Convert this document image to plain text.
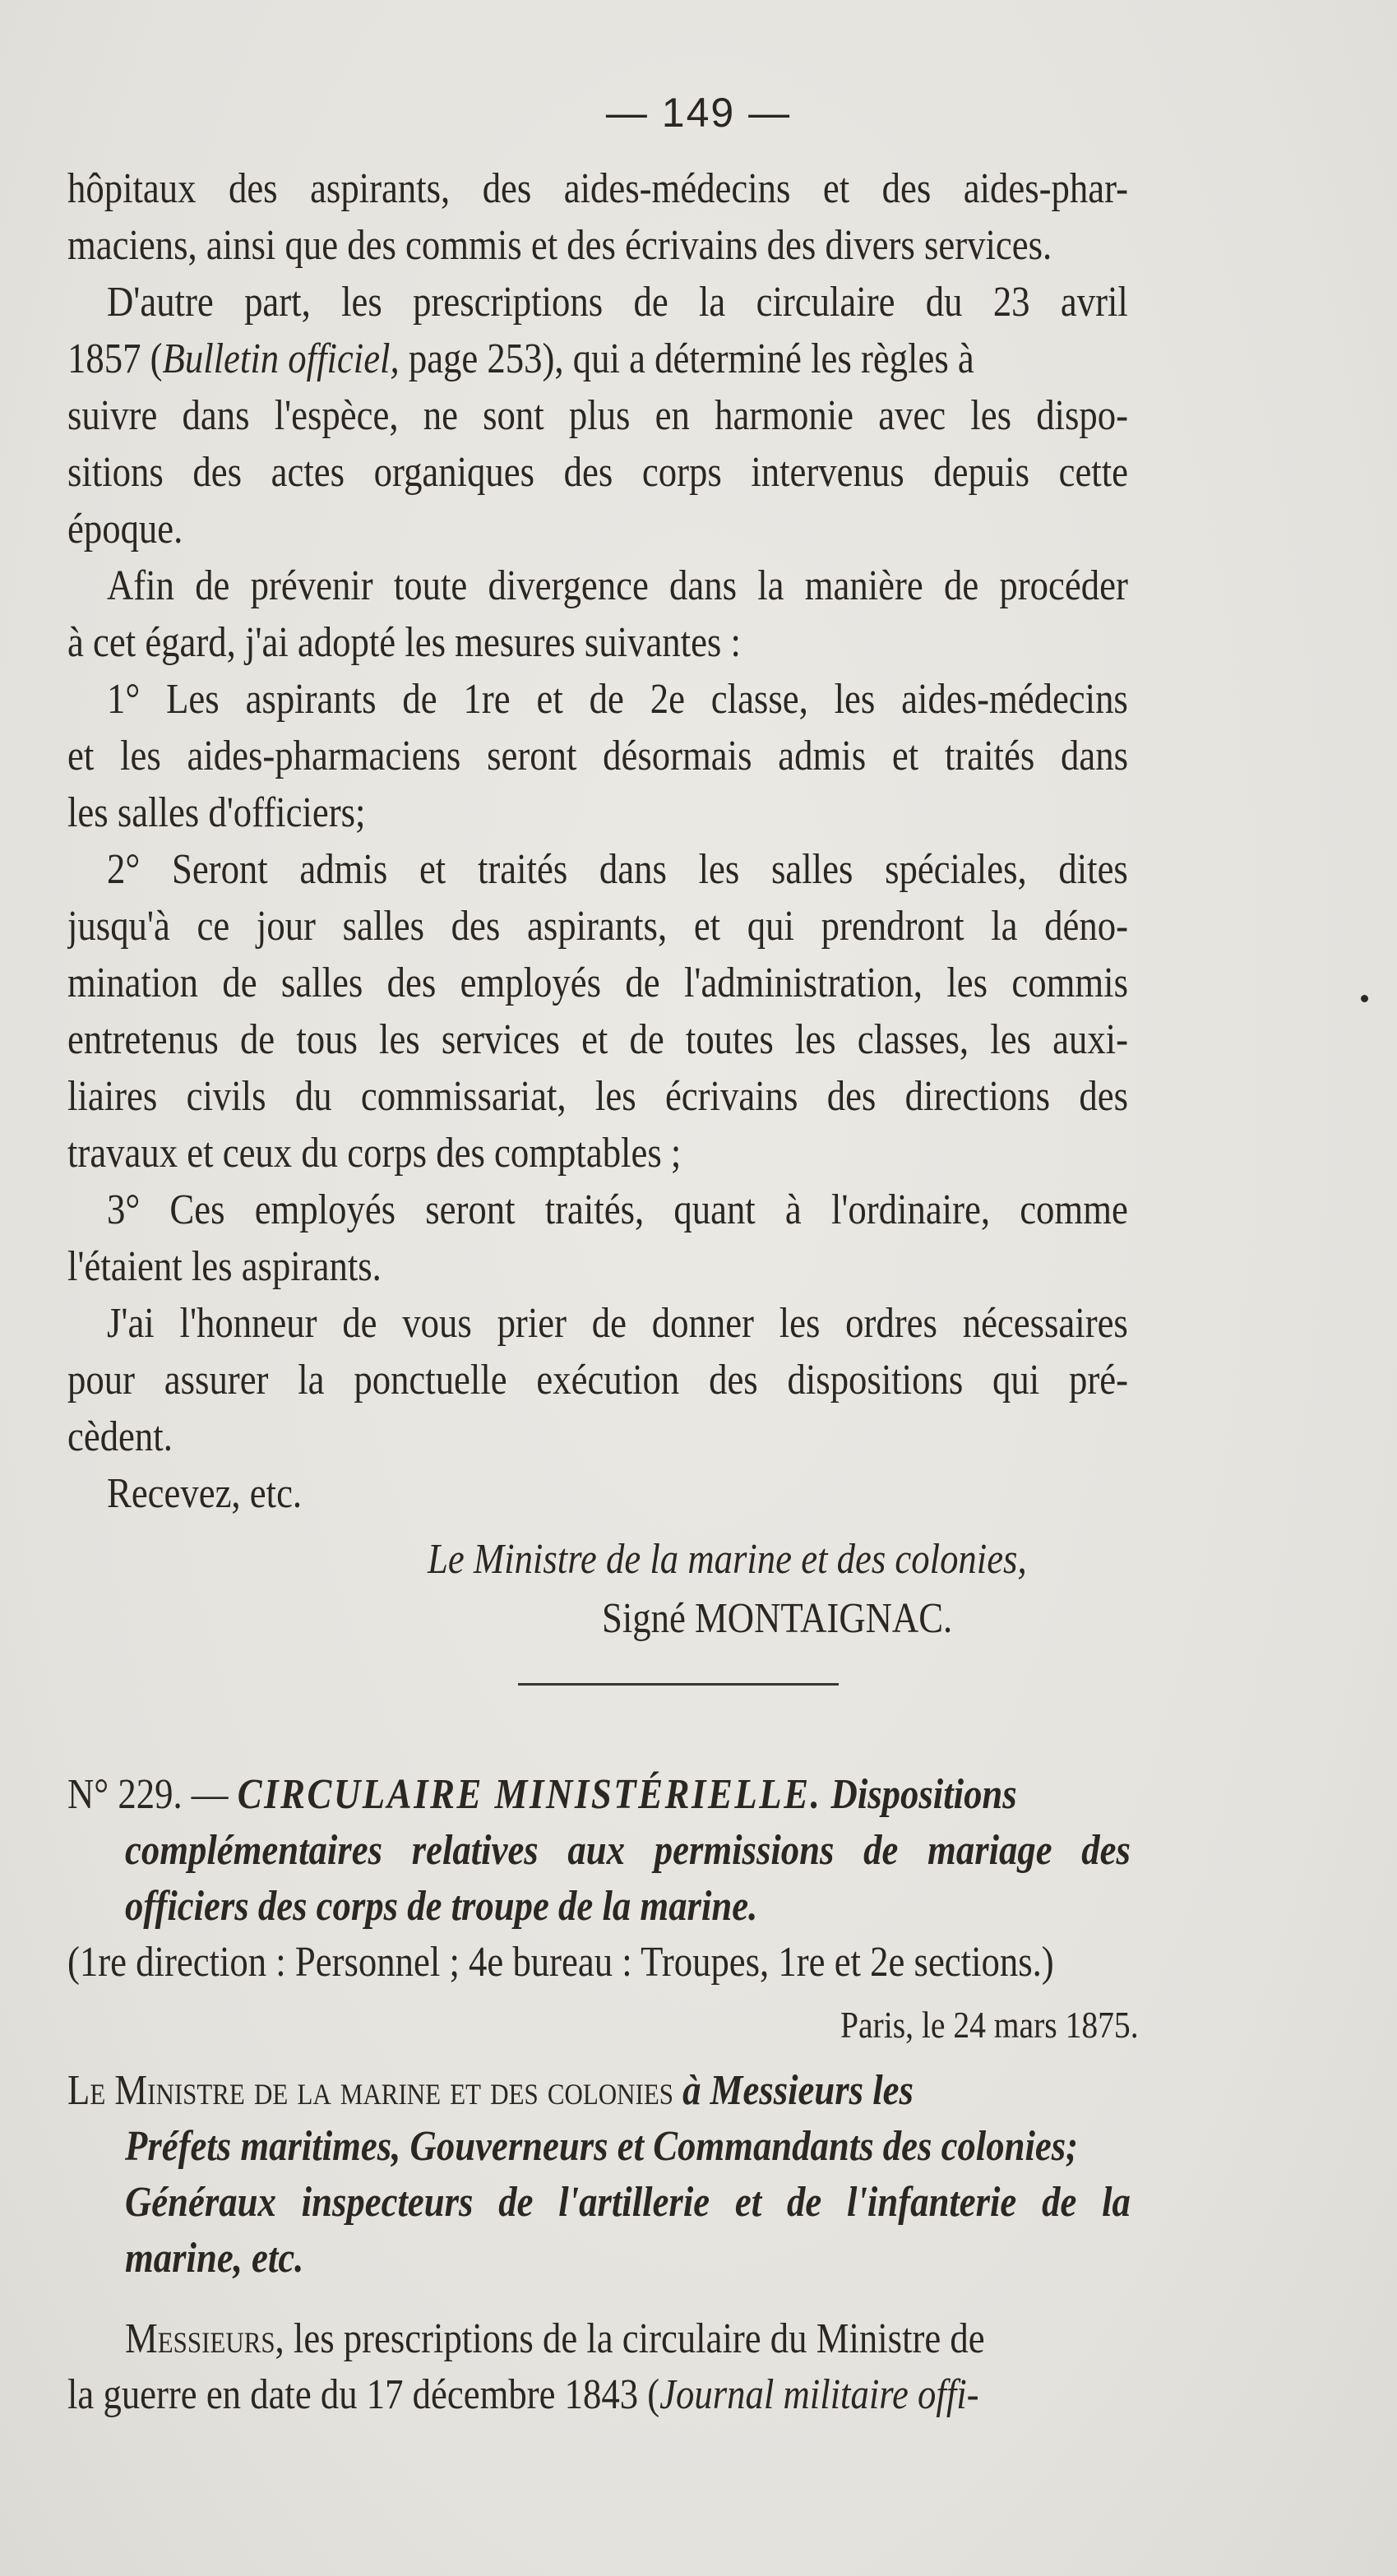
— 149 —
hôpitaux des aspirants, des aides-médecins et des aides-phar-
maciens, ainsi que des commis et des écrivains des divers services.
D'autre part, les prescriptions de la circulaire du 23 avril
1857 (Bulletin officiel, page 253), qui a déterminé les règles à
suivre dans l'espèce, ne sont plus en harmonie avec les dispo-
sitions des actes organiques des corps intervenus depuis cette
époque.
Afin de prévenir toute divergence dans la manière de procéder
à cet égard, j'ai adopté les mesures suivantes :
1° Les aspirants de 1re et de 2e classe, les aides-médecins
et les aides-pharmaciens seront désormais admis et traités dans
les salles d'officiers;
2° Seront admis et traités dans les salles spéciales, dites
jusqu'à ce jour salles des aspirants, et qui prendront la déno-
mination de salles des employés de l'administration, les commis
entretenus de tous les services et de toutes les classes, les auxi-
liaires civils du commissariat, les écrivains des directions des
travaux et ceux du corps des comptables ;
3° Ces employés seront traités, quant à l'ordinaire, comme
l'étaient les aspirants.
J'ai l'honneur de vous prier de donner les ordres nécessaires
pour assurer la ponctuelle exécution des dispositions qui pré-
cèdent.
Recevez, etc.
Le Ministre de la marine et des colonies,
Signé MONTAIGNAC.
N° 229. — CIRCULAIRE MINISTÉRIELLE. Dispositions
complémentaires relatives aux permissions de mariage des
officiers des corps de troupe de la marine.
(1re direction : Personnel ; 4e bureau : Troupes, 1re et 2e sections.)
Paris, le 24 mars 1875.
Le Ministre de la marine et des colonies à Messieurs les
Préfets maritimes, Gouverneurs et Commandants des colonies;
Généraux inspecteurs de l'artillerie et de l'infanterie de la
marine, etc.
Messieurs, les prescriptions de la circulaire du Ministre de
la guerre en date du 17 décembre 1843 (Journal militaire offi-
